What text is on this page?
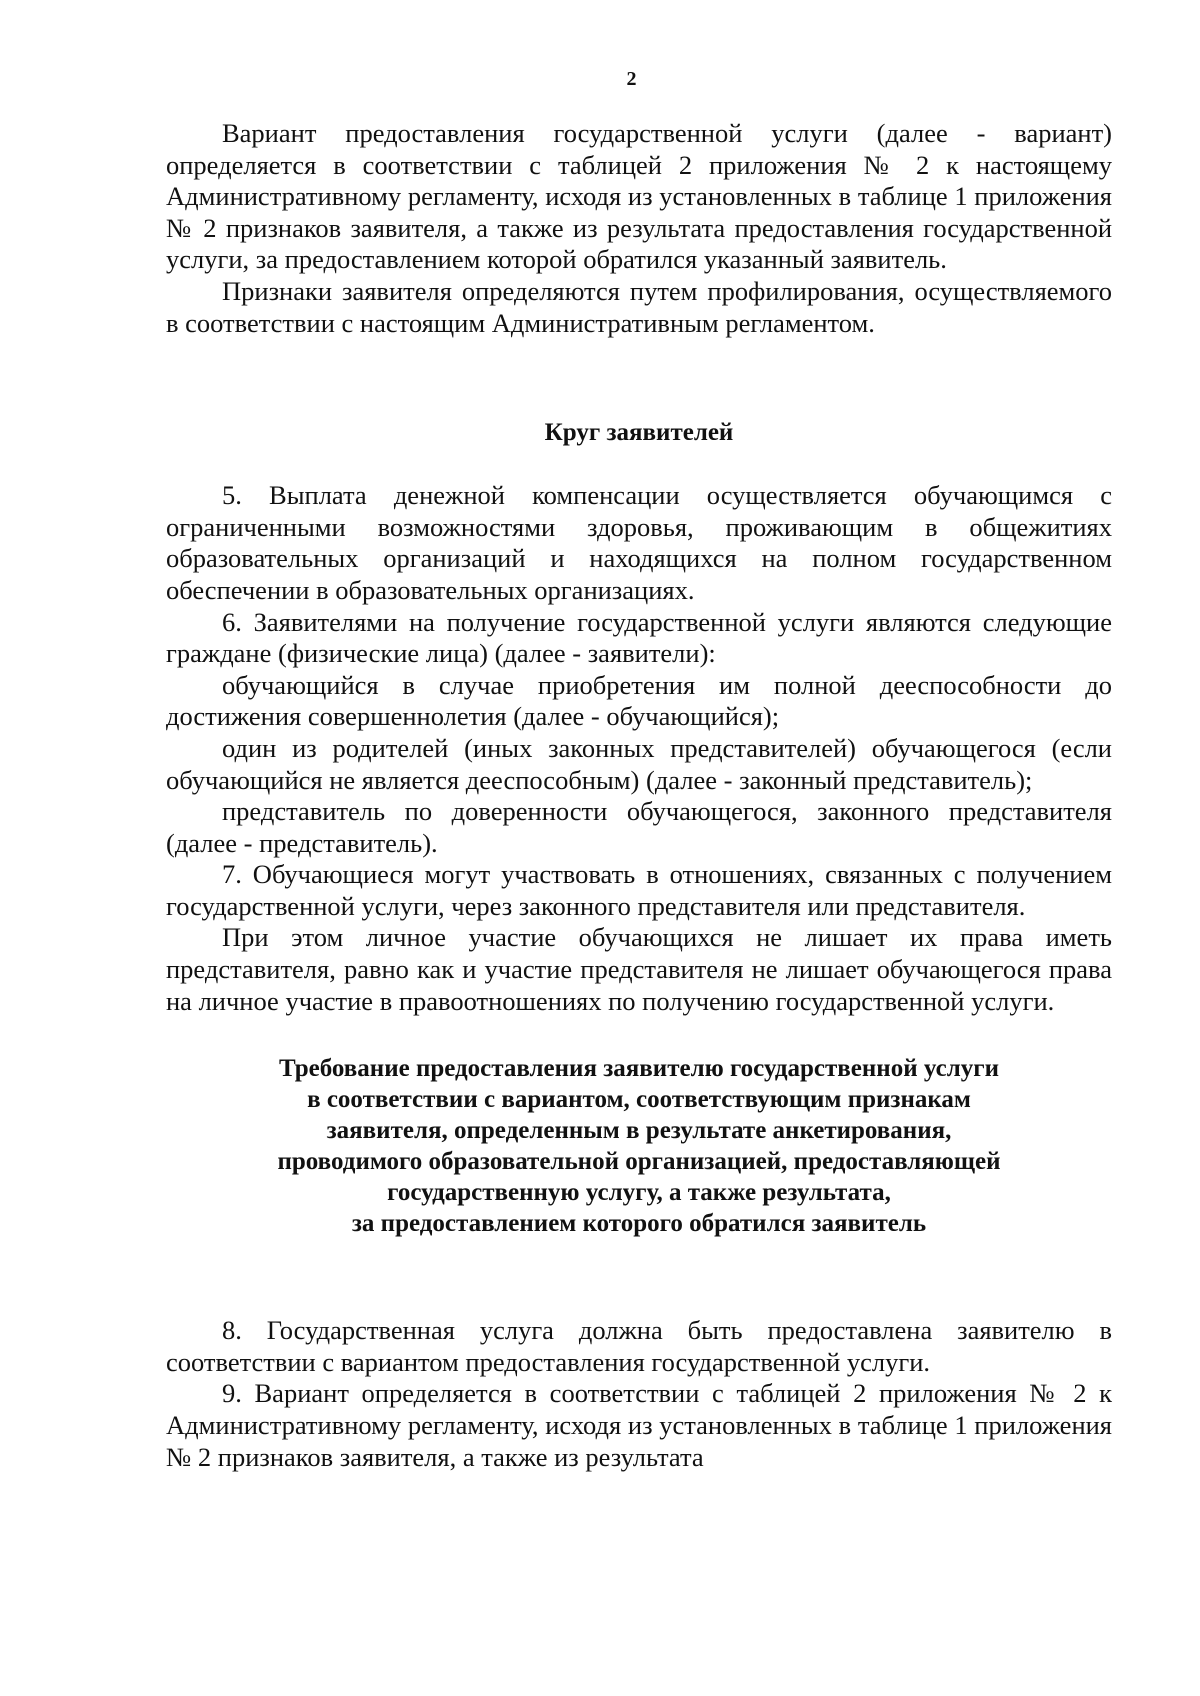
2

Вариант предоставления государственной услуги (далее - вариант) определяется в соответствии с таблицей 2 приложения № 2 к настоящему Административному регламенту, исходя из установленных в таблице 1 приложения № 2 признаков заявителя, а также из результата предоставления государственной услуги, за предоставлением которой обратился указанный заявитель.

Признаки заявителя определяются путем профилирования, осуществляемого в соответствии с настоящим Административным регламентом.

Круг заявителей

5. Выплата денежной компенсации осуществляется обучающимся с ограниченными возможностями здоровья, проживающим в общежитиях образовательных организаций и находящихся на полном государственном обеспечении в образовательных организациях.

6. Заявителями на получение государственной услуги являются следующие граждане (физические лица) (далее - заявители):

обучающийся в случае приобретения им полной дееспособности до достижения совершеннолетия (далее - обучающийся);

один из родителей (иных законных представителей) обучающегося (если обучающийся не является дееспособным) (далее - законный представитель);

представитель по доверенности обучающегося, законного представителя (далее - представитель).

7. Обучающиеся могут участвовать в отношениях, связанных с получением государственной услуги, через законного представителя или представителя.

При этом личное участие обучающихся не лишает их права иметь представителя, равно как и участие представителя не лишает обучающегося права на личное участие в правоотношениях по получению государственной услуги.

Требование предоставления заявителю государственной услуги
в соответствии с вариантом, соответствующим признакам
заявителя, определенным в результате анкетирования,
проводимого образовательной организацией, предоставляющей
государственную услугу, а также результата,
за предоставлением которого обратился заявитель

8. Государственная услуга должна быть предоставлена заявителю в соответствии с вариантом предоставления государственной услуги.

9. Вариант определяется в соответствии с таблицей 2 приложения № 2 к Административному регламенту, исходя из установленных в таблице 1 приложения № 2 признаков заявителя, а также из результата
